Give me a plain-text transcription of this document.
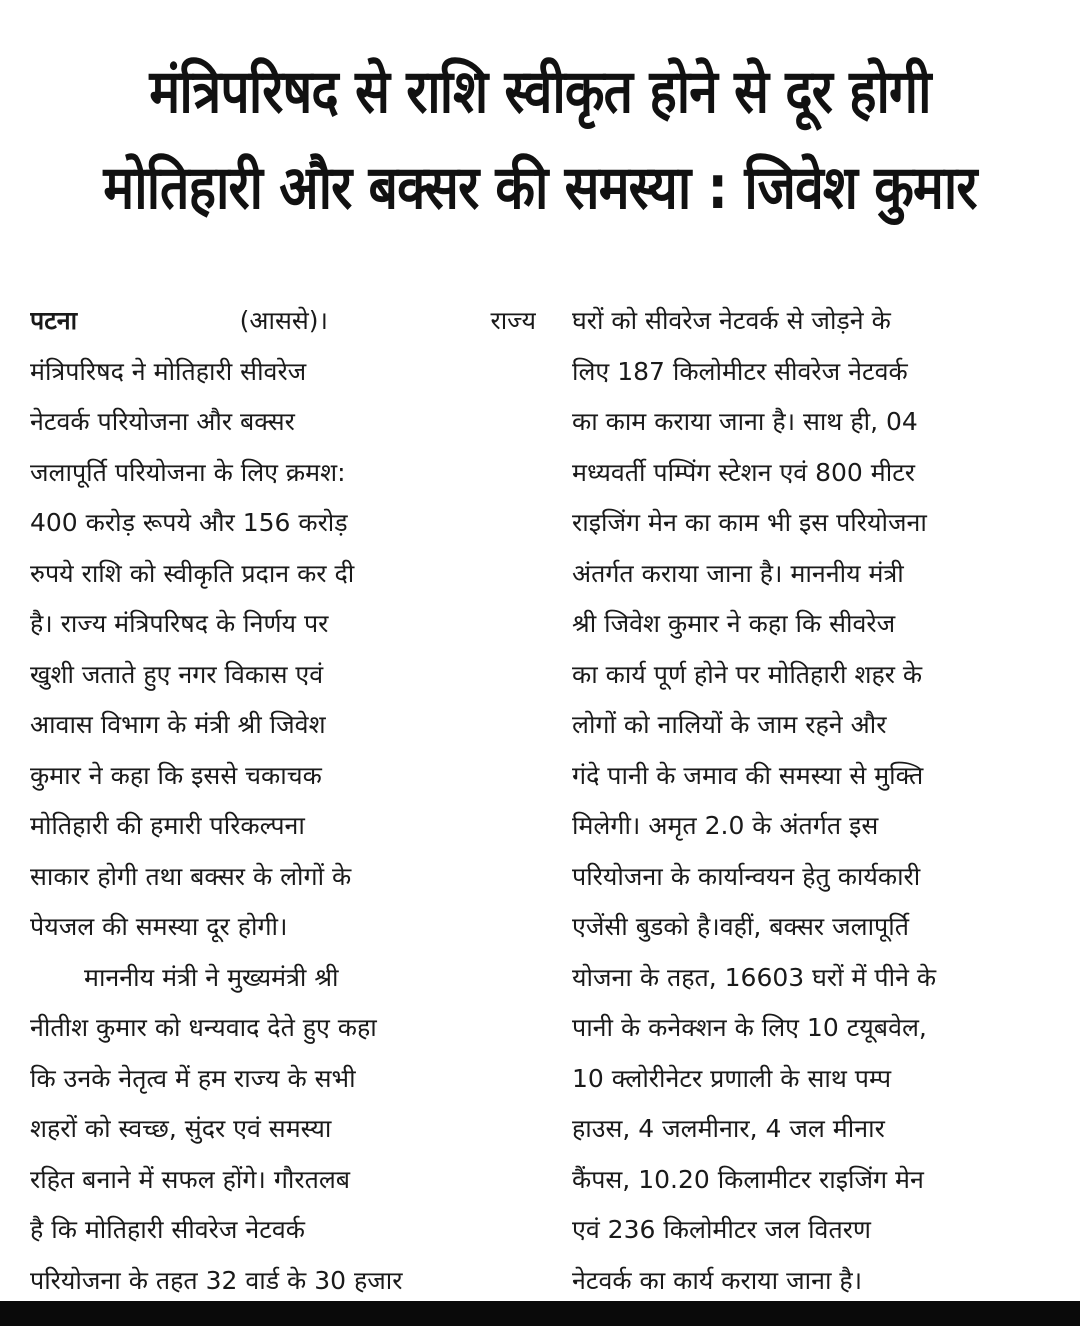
मंत्रिपरिषद से राशि स्वीकृत होने से दूर होगी
मोतिहारी और बक्सर की समस्या : जिवेश कुमार
पटना	(आससे)।	राज्य
मंत्रिपरिषद ने मोतिहारी सीवरेज
नेटवर्क परियोजना और बक्सर
जलापूर्ति परियोजना के लिए क्रमश:
400 करोड़ रूपये और 156 करोड़
रुपये राशि को स्वीकृति प्रदान कर दी
है। राज्य मंत्रिपरिषद के निर्णय पर
खुशी जताते हुए नगर विकास एवं
आवास विभाग के मंत्री श्री जिवेश
कुमार ने कहा कि इससे चकाचक
मोतिहारी की हमारी परिकल्पना
साकार होगी तथा बक्सर के लोगों के
पेयजल की समस्या दूर होगी।
माननीय मंत्री ने मुख्यमंत्री श्री
नीतीश कुमार को धन्यवाद देते हुए कहा
कि उनके नेतृत्व में हम राज्य के सभी
शहरों को स्वच्छ, सुंदर एवं समस्या
रहित बनाने में सफल होंगे। गौरतलब
है कि मोतिहारी सीवरेज नेटवर्क
परियोजना के तहत 32 वार्ड के 30 हजार
घरों को सीवरेज नेटवर्क से जोड़ने के
लिए 187 किलोमीटर सीवरेज नेटवर्क
का काम कराया जाना है। साथ ही, 04
मध्यवर्ती पम्पिंग स्टेशन एवं 800 मीटर
राइजिंग मेन का काम भी इस परियोजना
अंतर्गत कराया जाना है। माननीय मंत्री
श्री जिवेश कुमार ने कहा कि सीवरेज
का कार्य पूर्ण होने पर मोतिहारी शहर के
लोगों को नालियों के जाम रहने और
गंदे पानी के जमाव की समस्या से मुक्ति
मिलेगी। अमृत 2.0 के अंतर्गत इस
परियोजना के कार्यान्वयन हेतु कार्यकारी
एजेंसी बुडको है।वहीं, बक्सर जलापूर्ति
योजना के तहत, 16603 घरों में पीने के
पानी के कनेक्शन के लिए 10 टयूबवेल,
10 क्लोरीनेटर प्रणाली के साथ पम्प
हाउस, 4 जलमीनार, 4 जल मीनार
कैंपस, 10.20 किलामीटर राइजिंग मेन
एवं 236 किलोमीटर जल वितरण
नेटवर्क का कार्य कराया जाना है।
